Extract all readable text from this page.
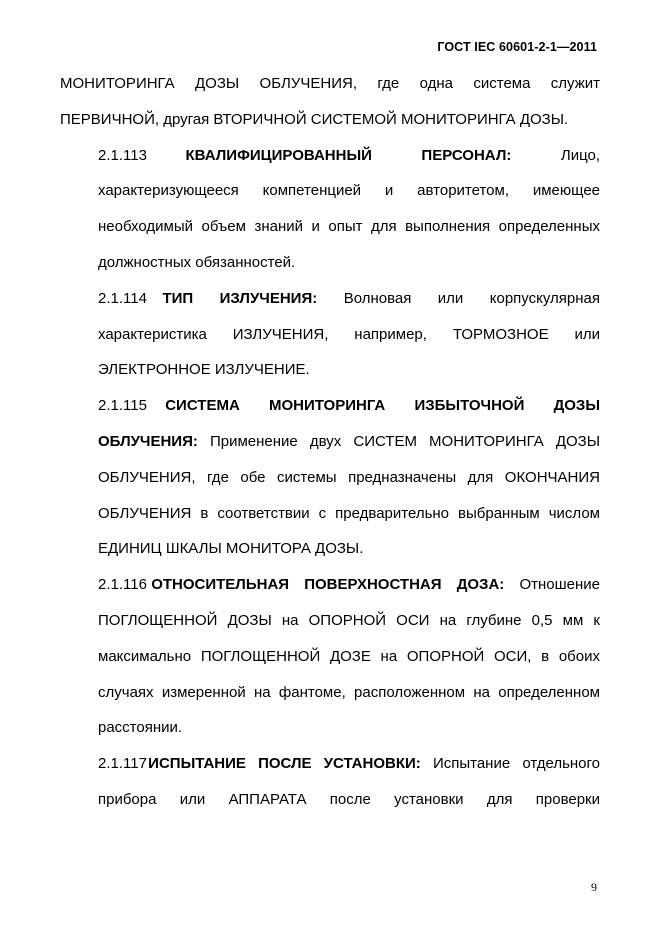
ГОСТ IEC 60601-2-1—2011

МОНИТОРИНГА ДОЗЫ ОБЛУЧЕНИЯ, где одна система служит ПЕРВИЧНОЙ, другая ВТОРИЧНОЙ СИСТЕМОЙ МОНИТОРИНГА ДОЗЫ.

2.1.113	КВАЛИФИЦИРОВАННЫЙ ПЕРСОНАЛ:	Лицо, характеризующееся компетенцией и авторитетом, имеющее необходимый объем знаний и опыт для выполнения определенных должностных обязанностей.

2.1.114 ТИП ИЗЛУЧЕНИЯ: Волновая или корпускулярная характеристика ИЗЛУЧЕНИЯ, например, ТОРМОЗНОЕ или ЭЛЕКТРОННОЕ ИЗЛУЧЕНИЕ.

2.1.115 СИСТЕМА МОНИТОРИНГА ИЗБЫТОЧНОЙ ДОЗЫ ОБЛУЧЕНИЯ: Применение двух СИСТЕМ МОНИТОРИНГА ДОЗЫ ОБЛУЧЕНИЯ, где обе системы предназначены для ОКОНЧАНИЯ ОБЛУЧЕНИЯ в соответствии с предварительно выбранным числом ЕДИНИЦ ШКАЛЫ МОНИТОРА ДОЗЫ.

2.1.116 ОТНОСИТЕЛЬНАЯ ПОВЕРХНОСТНАЯ ДОЗА: Отношение ПОГЛОЩЕННОЙ ДОЗЫ на ОПОРНОЙ ОСИ на глубине 0,5 мм к максимально ПОГЛОЩЕННОЙ ДОЗЕ на ОПОРНОЙ ОСИ, в обоих случаях измеренной на фантоме, расположенном на определенном расстоянии.

2.1.117 ИСПЫТАНИЕ ПОСЛЕ УСТАНОВКИ: Испытание отдельного прибора или АППАРАТА после установки для проверки

9
